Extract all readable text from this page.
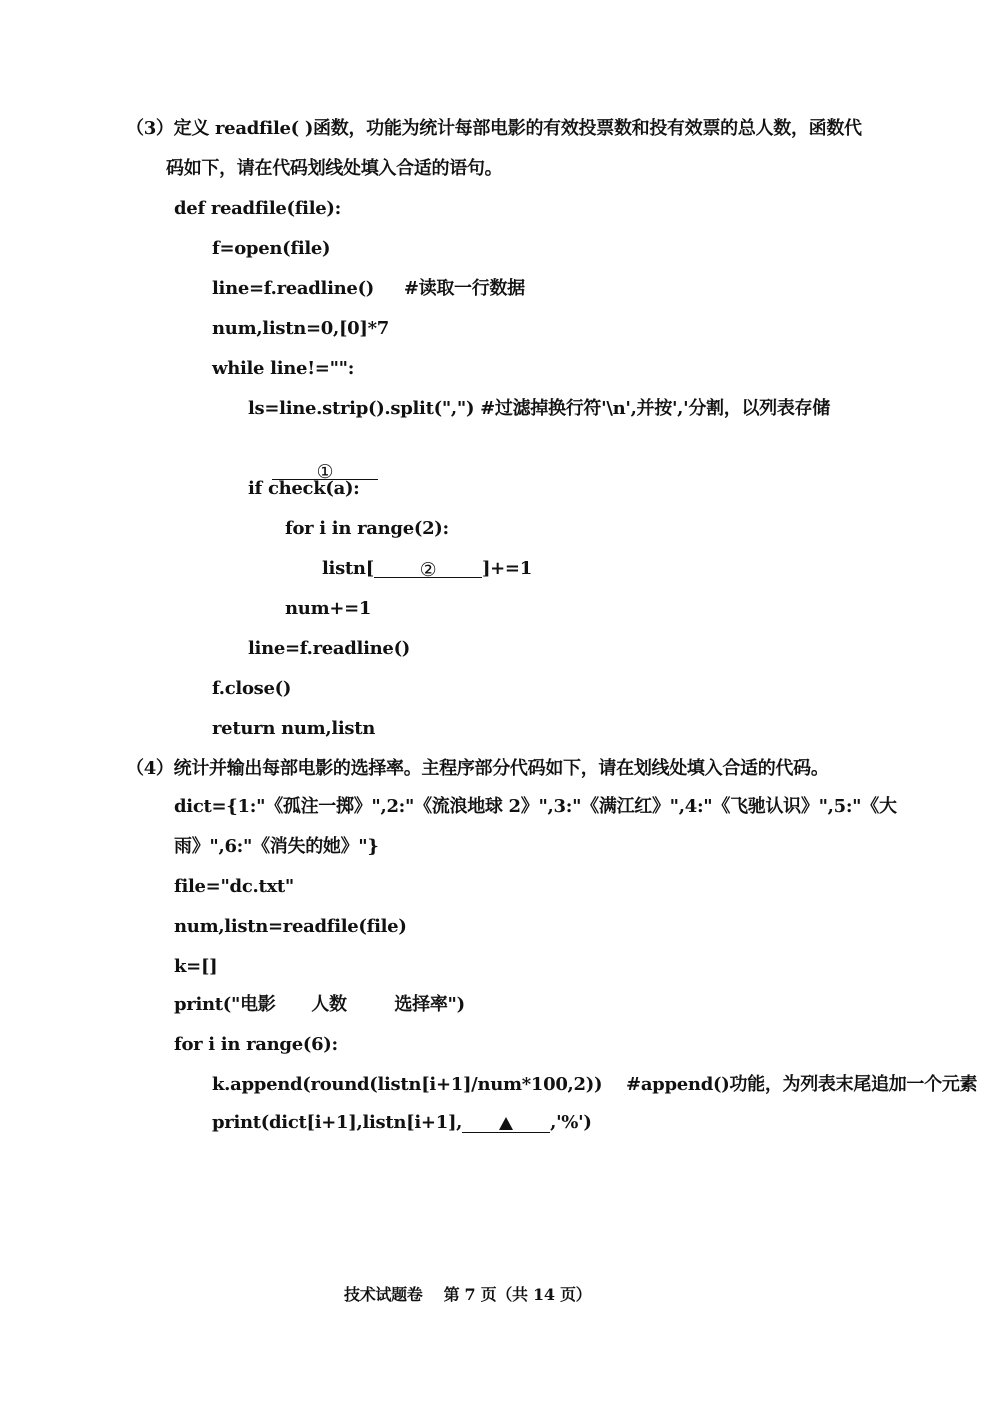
（3）定义 readfile( )函数，功能为统计每部电影的有效投票数和投有效票的总人数，函数代
码如下，请在代码划线处填入合适的语句。
def readfile(file):
f=open(file)
line=f.readline()     #读取一行数据
num,listn=0,[0]*7
while line!="":
ls=line.strip().split(",") #过滤掉换行符'\n',并按','分割，以列表存储

①

if check(a):
for i in range(2):
listn[ ②	]+=1
num+=1
line=f.readline()
f.close()
return num,listn
（4）统计并输出每部电影的选择率。主程序部分代码如下，请在划线处填入合适的代码。
dict={1:"《孤注一掷》",2:"《流浪地球 2》",3:"《满江红》",4:"《飞驰认识》",5:"《大
雨》",6:"《消失的她》"}
file="dc.txt"
num,listn=readfile(file)
k=[]
print("电影      人数        选择率")
for i in range(6):
k.append(round(listn[i+1]/num*100,2))    #append()功能，为列表末尾追加一个元素
print(dict[i+1],listn[i+1],	,'%')
技术试题卷    第 7 页（共 14 页）
